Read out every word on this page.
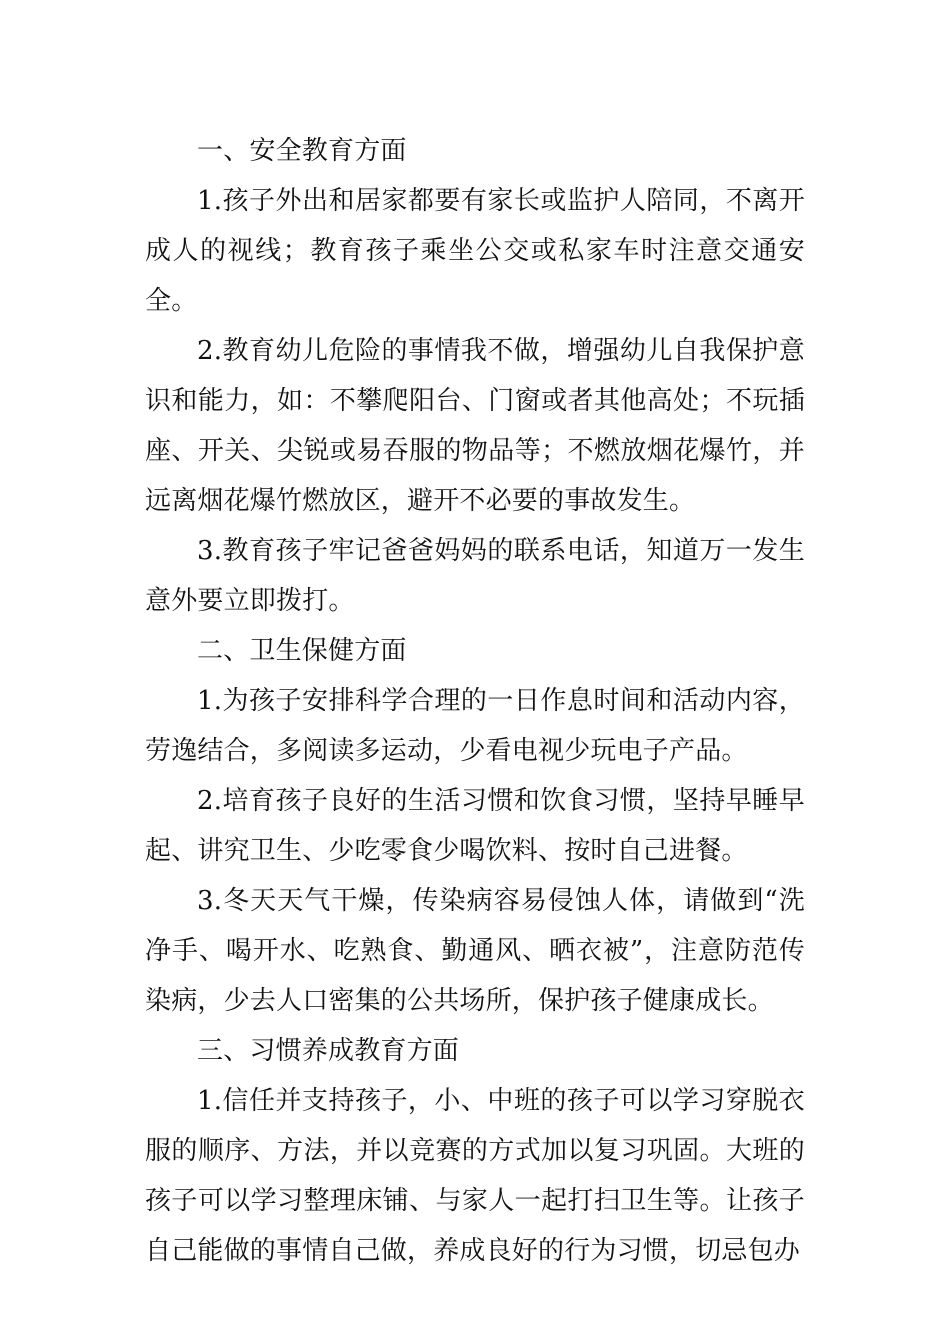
一、安全教育方面

1.孩子外出和居家都要有家长或监护人陪同，不离开成人的视线；教育孩子乘坐公交或私家车时注意交通安全。

2.教育幼儿危险的事情我不做，增强幼儿自我保护意识和能力，如：不攀爬阳台、门窗或者其他高处；不玩插座、开关、尖锐或易吞服的物品等；不燃放烟花爆竹，并远离烟花爆竹燃放区，避开不必要的事故发生。

3.教育孩子牢记爸爸妈妈的联系电话，知道万一发生意外要立即拨打。

二、卫生保健方面

1.为孩子安排科学合理的一日作息时间和活动内容，劳逸结合，多阅读多运动，少看电视少玩电子产品。

2.培育孩子良好的生活习惯和饮食习惯，坚持早睡早起、讲究卫生、少吃零食少喝饮料、按时自己进餐。

3.冬天天气干燥，传染病容易侵蚀人体，请做到“洗净手、喝开水、吃熟食、勤通风、晒衣被”，注意防范传染病，少去人口密集的公共场所，保护孩子健康成长。

三、习惯养成教育方面

1.信任并支持孩子，小、中班的孩子可以学习穿脱衣服的顺序、方法，并以竞赛的方式加以复习巩固。大班的孩子可以学习整理床铺、与家人一起打扫卫生等。让孩子自己能做的事情自己做，养成良好的行为习惯，切忌包办
